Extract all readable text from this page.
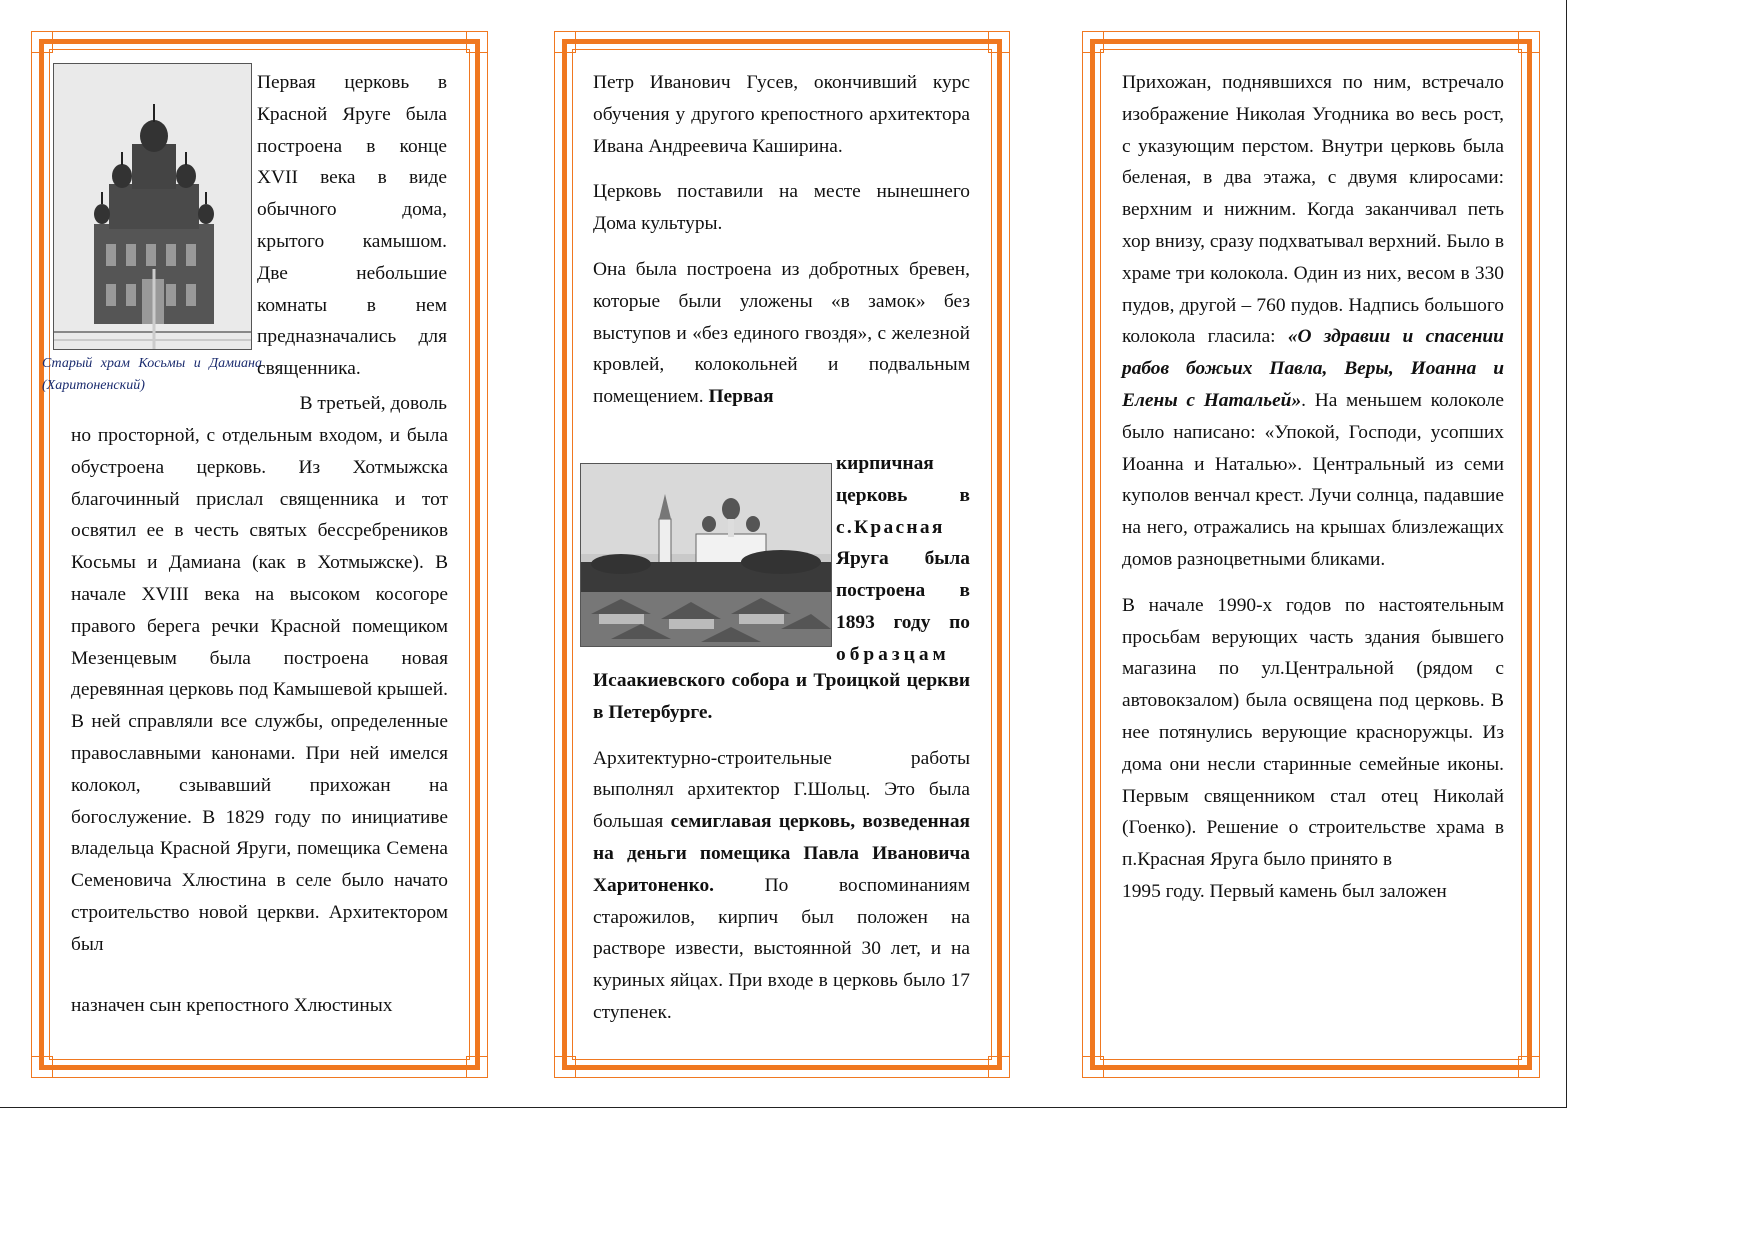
Старый храм Косьмы и Дамиана (Харитоненский)
Первая церковь в Красной Яруге была построена в конце XVII века в виде обычного дома, крытого камышом. Две небольшие комнаты в нем предназначались для священника.
В третьей, доволь
но просторной, с отдельным входом, и была обустроена церковь. Из Хотмыжска благочинный прислал священника и тот освятил ее в честь святых бессребреников Косьмы и Дамиана (как в Хотмыжске). В начале XVIII века на высоком косогоре правого берега речки Красной помещиком Мезенцевым была построена новая деревянная церковь под Камышевой крышей. В ней справляли все службы, определенные православными канонами. При ней имелся колокол, сзывавший прихожан на богослужение. В 1829 году по инициативе владельца Красной Яруги, помещика Семена Семеновича Хлюстина в селе было начато строительство новой церкви. Архитектором был
назначен сын крепостного Хлюстиных

Петр Иванович Гусев, окончивший курс обучения у другого крепостного архитектора Ивана Андреевича Каширина.

Церковь поставили на месте нынешнего Дома культуры.

Она была построена из добротных бревен, которые были уложены «в замок» без выступов и «без единого гвоздя», с железной кровлей, колокольней и подвальным помещением. Первая

кирпичная
церковь в
с.Красная
Яруга была
построена в
1893 году по
образцам

Исаакиевского собора и Троицкой церкви в Петербурге.

Архитектурно-строительные работы выполнял архитектор Г.Шольц. Это была большая семиглавая церковь, возведенная на деньги помещика Павла Ивановича Харитоненко.	По воспоминаниям старожилов, кирпич был положен на растворе извести, выстоянной 30 лет, и на куриных яйцах. При входе в церковь было 17 ступенек.

Прихожан, поднявшихся по ним, встречало изображение Николая Угодника во весь рост, с указующим перстом. Внутри церковь была беленая, в два этажа, с двумя клиросами: верхним и нижним. Когда заканчивал петь хор внизу, сразу подхватывал верхний. Было в храме три колокола. Один из них, весом в 330 пудов, другой – 760 пудов. Надпись большого колокола гласила: «О здравии и спасении рабов божьих Павла, Веры, Иоанна и Елены с Натальей». На меньшем колоколе было написано: «Упокой, Господи, усопших Иоанна и Наталью». Центральный из семи куполов венчал крест. Лучи солнца, падавшие на него, отражались на крышах близлежащих домов разноцветными бликами.

В начале 1990-х годов по настоятельным просьбам верующих часть здания бывшего магазина по ул.Центральной (рядом с автовокзалом) была освящена под церковь. В нее потянулись верующие красноружцы. Из дома они несли старинные семейные иконы. Первым священником стал отец Николай (Гоенко). Решение о строительстве храма в п.Красная Яруга было принято в

1995 году. Первый камень был заложен
